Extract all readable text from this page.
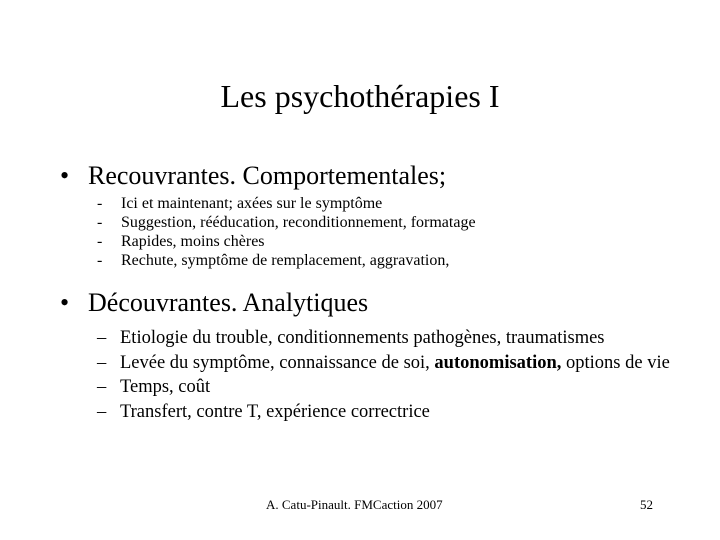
Les psychothérapies I
• Recouvrantes. Comportementales;
- Ici et maintenant; axées sur le symptôme
- Suggestion, rééducation, reconditionnement, formatage
- Rapides, moins chères
- Rechute, symptôme de remplacement, aggravation,
• Découvrantes. Analytiques
– Etiologie du trouble, conditionnements pathogènes, traumatismes
– Levée du symptôme, connaissance de soi, autonomisation, options de vie
– Temps, coût
– Transfert, contre T, expérience correctrice
A. Catu-Pinault. FMCaction 2007	52
